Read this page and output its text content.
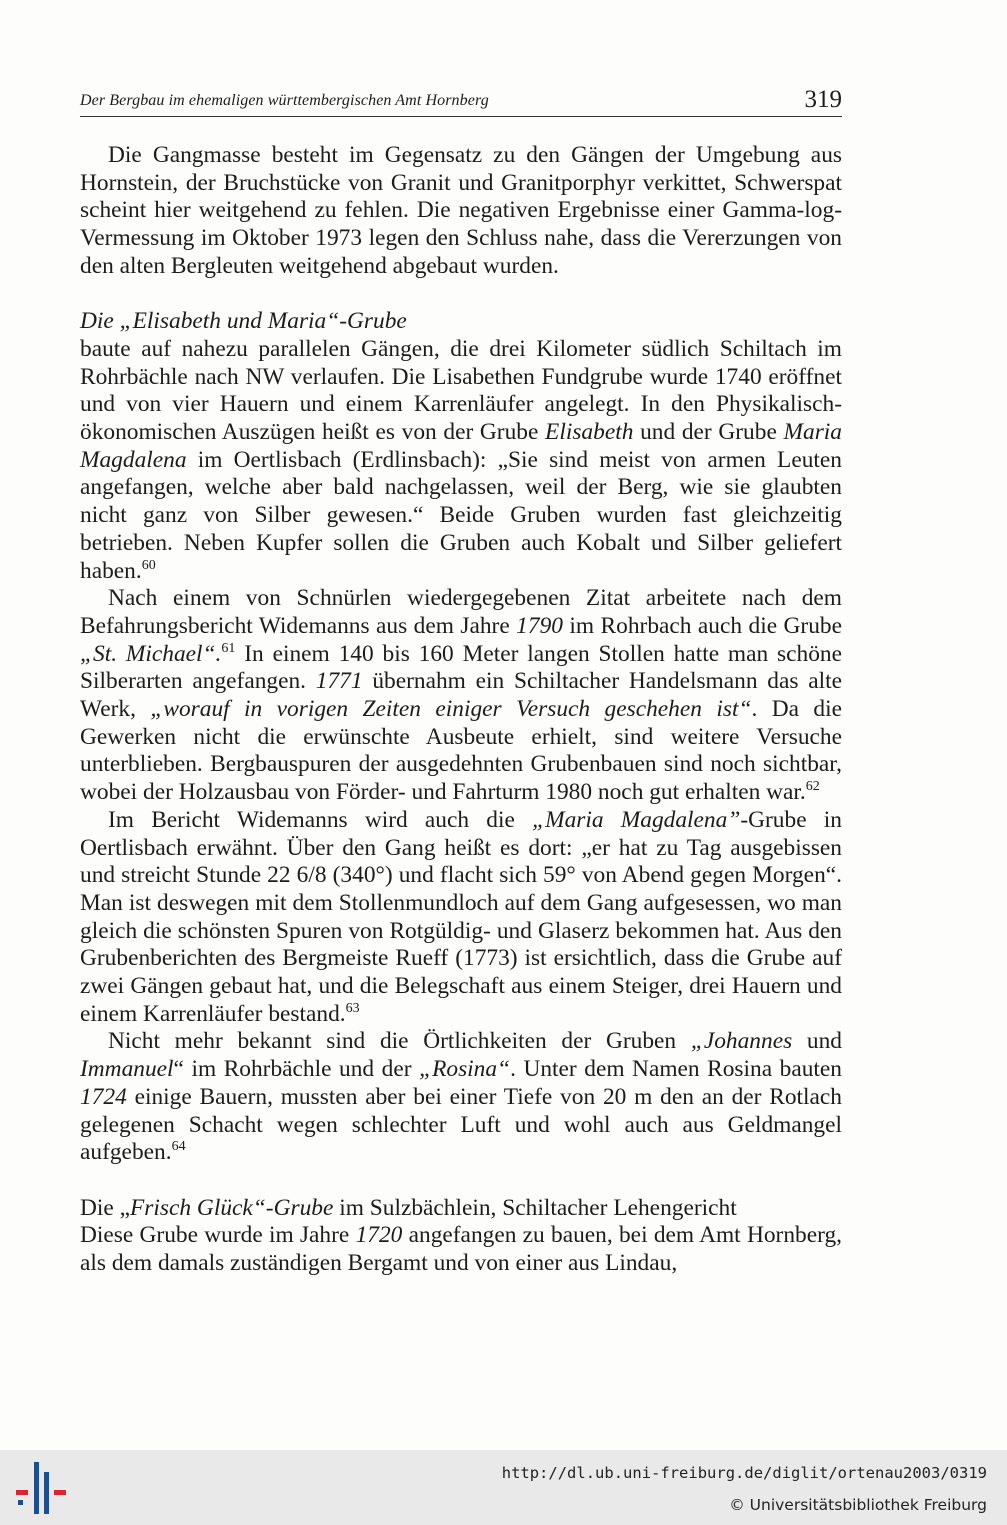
Der Bergbau im ehemaligen württembergischen Amt Hornberg	319

Die Gangmasse besteht im Gegensatz zu den Gängen der Umgebung aus Hornstein, der Bruchstücke von Granit und Granitporphyr verkittet, Schwerspat scheint hier weitgehend zu fehlen. Die negativen Ergebnisse einer Gamma-log-Vermessung im Oktober 1973 legen den Schluss nahe, dass die Vererzungen von den alten Bergleuten weitgehend abgebaut wurden.

Die „Elisabeth und Maria“-Grube

baute auf nahezu parallelen Gängen, die drei Kilometer südlich Schiltach im Rohrbächle nach NW verlaufen. Die Lisabethen Fundgrube wurde 1740 eröffnet und von vier Hauern und einem Karrenläufer angelegt. In den Physikalisch-ökonomischen Auszügen heißt es von der Grube Elisabeth und der Grube Maria Magdalena im Oertlisbach (Erdlinsbach): „Sie sind meist von armen Leuten angefangen, welche aber bald nachgelassen, weil der Berg, wie sie glaubten nicht ganz von Silber gewesen.“ Beide Gruben wurden fast gleichzeitig betrieben. Neben Kupfer sollen die Gruben auch Kobalt und Silber geliefert haben.$^{60}$

Nach einem von Schnürlen wiedergegebenen Zitat arbeitete nach dem Befahrungsbericht Widemanns aus dem Jahre 1790 im Rohrbach auch die Grube „St. Michael“.$^{61}$ In einem 140 bis 160 Meter langen Stollen hatte man schöne Silberarten angefangen. 1771 übernahm ein Schiltacher Handelsmann das alte Werk, „worauf in vorigen Zeiten einiger Versuch geschehen ist“. Da die Gewerken nicht die erwünschte Ausbeute erhielt, sind weitere Versuche unterblieben. Bergbauspuren der ausgedehnten Grubenbauen sind noch sichtbar, wobei der Holzausbau von Förder- und Fahrturm 1980 noch gut erhalten war.$^{62}$

Im Bericht Widemanns wird auch die „Maria Magdalena”-Grube in Oertlisbach erwähnt. Über den Gang heißt es dort: „er hat zu Tag ausgebissen und streicht Stunde 22 6/8 (340°) und flacht sich 59° von Abend gegen Morgen“. Man ist deswegen mit dem Stollenmundloch auf dem Gang aufgesessen, wo man gleich die schönsten Spuren von Rotgüldig- und Glaserz bekommen hat. Aus den Grubenberichten des Bergmeiste Rueff (1773) ist ersichtlich, dass die Grube auf zwei Gängen gebaut hat, und die Belegschaft aus einem Steiger, drei Hauern und einem Karrenläufer bestand.$^{63}$

Nicht mehr bekannt sind die Örtlichkeiten der Gruben „Johannes und Immanuel“ im Rohrbächle und der „Rosina“. Unter dem Namen Rosina bauten 1724 einige Bauern, mussten aber bei einer Tiefe von 20 m den an der Rotlach gelegenen Schacht wegen schlechter Luft und wohl auch aus Geldmangel aufgeben.$^{64}$

Die „Frisch Glück“-Grube im Sulzbächlein, Schiltacher Lehengericht

Diese Grube wurde im Jahre 1720 angefangen zu bauen, bei dem Amt Hornberg, als dem damals zuständigen Bergamt und von einer aus Lindau,

http://dl.ub.uni-freiburg.de/diglit/ortenau2003/0319
© Universitätsbibliothek Freiburg
